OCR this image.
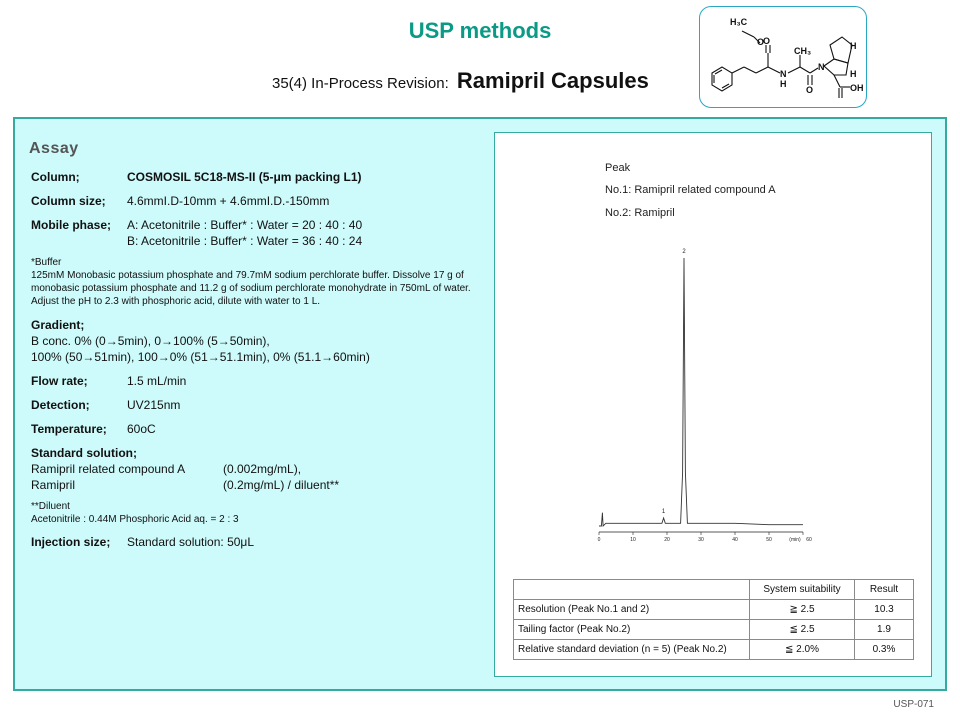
USP methods
35(4) In-Process Revision: Ramipril Capsules
H₃C
CH₃	H
H
N
H
N
O
O
O	OH
Assay
Column;	COSMOSIL 5C18-MS-II (5-μm packing L1)
Column size; 4.6mmI.D-10mm + 4.6mmI.D.-150mm
Mobile phase; A: Acetonitrile : Buffer* : Water = 20 : 40 : 40
B: Acetonitrile : Buffer* : Water = 36 : 40 : 24
*Buffer
125mM Monobasic potassium phosphate and 79.7mM sodium perchlorate buffer. Dissolve 17 g of monobasic potassium phosphate and 11.2 g of sodium perchlorate monohydrate in 750mL of water. Adjust the pH to 2.3 with phosphoric acid, dilute with water to 1 L.
Gradient;
B conc. 0% (0→5min), 0→100% (5→50min),
100% (50→51min), 100→0% (51→51.1min), 0% (51.1→60min)
Flow rate;	1.5 mL/min
Detection;	UV215nm
Temperature; 60oC
Standard solution;
Ramipril related compound A	(0.002mg/mL),
Ramipril	(0.2mg/mL) / diluent**
**Diluent
Acetonitrile : 0.44M Phosphoric Acid aq. = 2 : 3
Injection size; Standard solution: 50μL
Peak
No.1: Ramipril related compound A
No.2: Ramipril
(min)
0	10	20	30	40	50	60
1
2
	System suitability	Result
Resolution (Peak No.1 and 2)	≧ 2.5	10.3
Tailing factor (Peak No.2)	≦ 2.5	1.9
Relative standard deviation (n = 5) (Peak No.2)	≦ 2.0%	0.3%
USP-071
